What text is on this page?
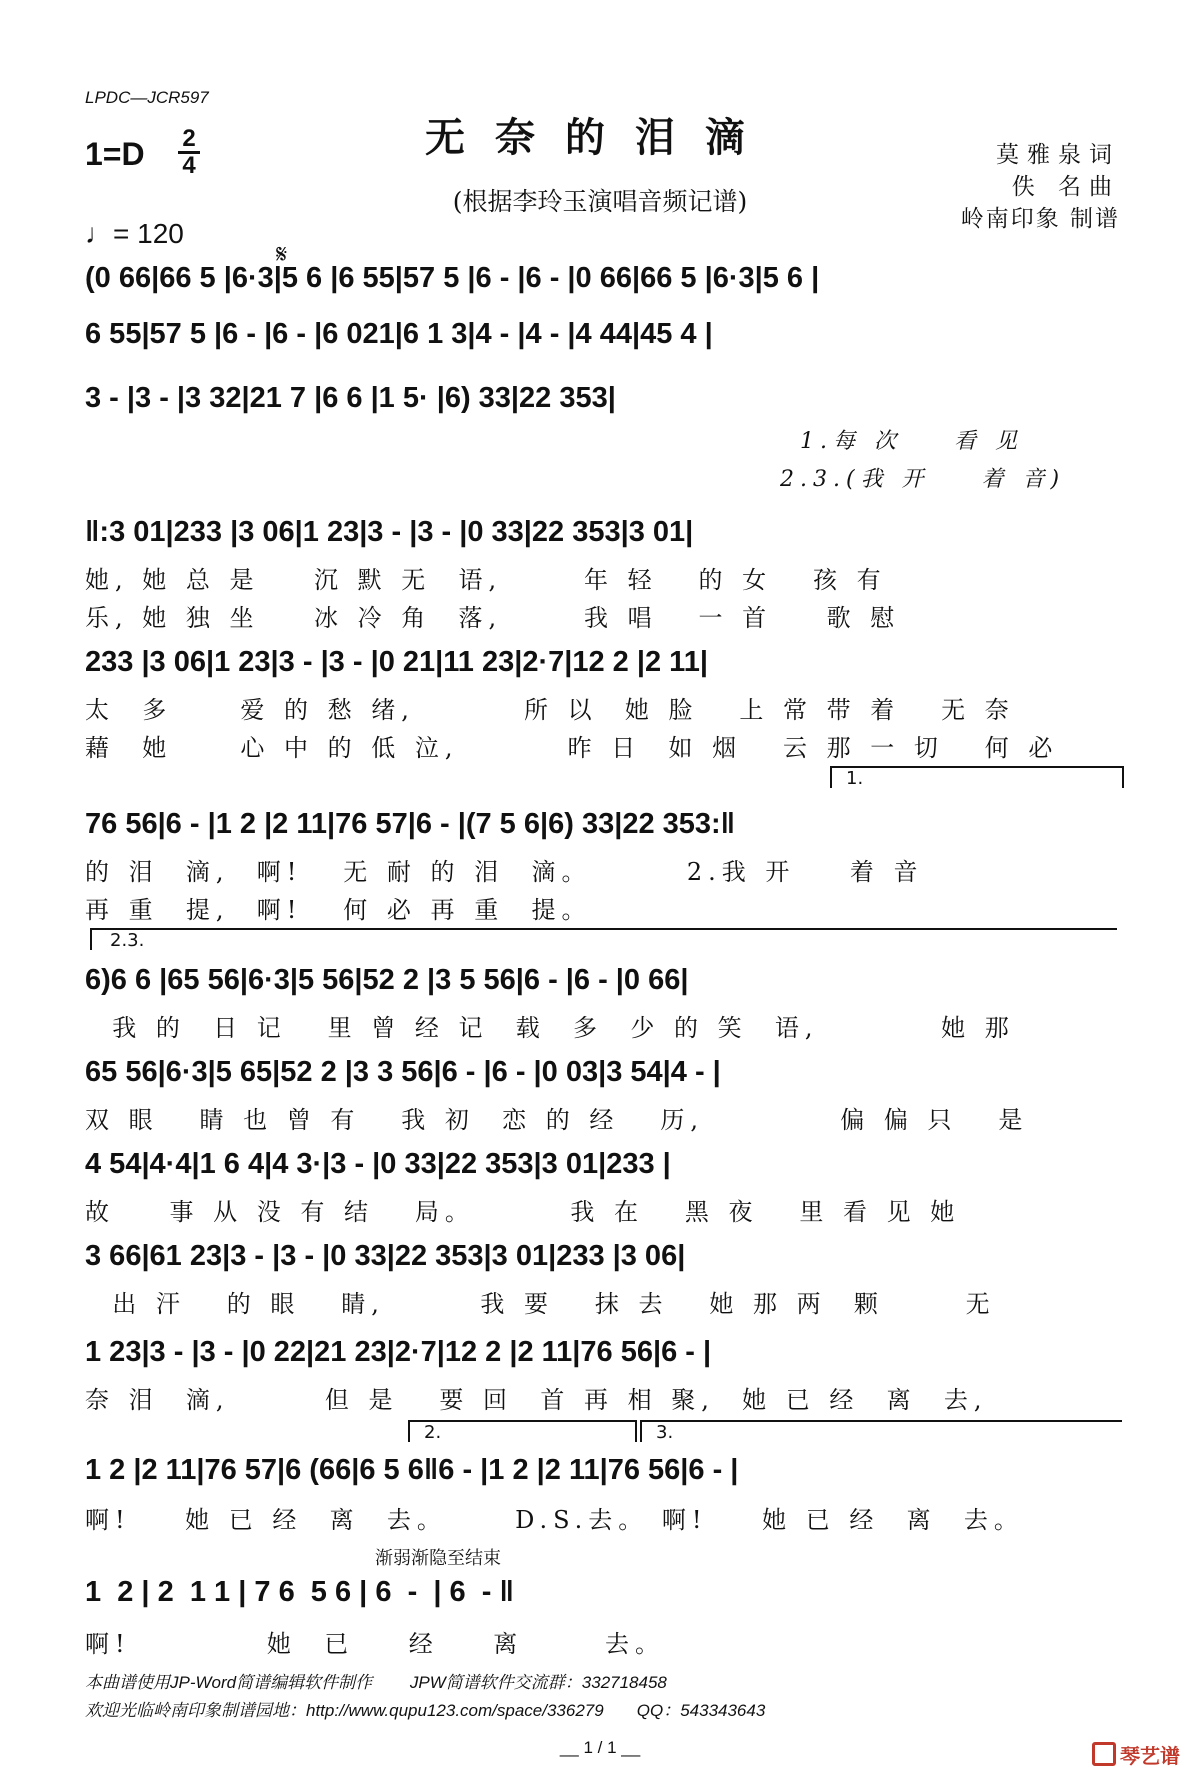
LPDC—JCR597
无奈的泪滴
(根据李玲玉演唱音频记谱)
莫雅泉词
佚 名曲
岭南印象 制谱
1=D 2
4
♩= 120
𝄋
(0 66|66 5 |6·3|5 6 |6 55|57 5 |6 - |6 - |0 66|66 5 |6·3|5 6 |
6 55|57 5 |6 - |6 - |6 021|6 1 3|4 - |4 - |4 44|45 4 |
3 - |3 - |3 32|21 7 |6 6 |1 5· |6) 33|22 353|
1.每 次    看 见
2.3.(我 开    着 音)
‖:3 01|233 |3 06|1 23|3 - |3 - |0 33|22 353|3 01|
她, 她 总 是    沉 默 无  语,      年 轻   的 女   孩 有
乐, 她 独 坐    冰 冷 角  落,      我 唱   一 首    歌 慰
233 |3 06|1 23|3 - |3 - |0 21|11 23|2·7|12 2 |2 11|
太  多     爱 的 愁 绪,        所 以  她 脸   上 常 带 着   无 奈
藉  她     心 中 的 低 泣,        昨 日  如 烟   云 那 一 切   何 必
1.
76 56|6 - |1 2 |2 11|76 57|6 - |(7 5 6|6) 33|22 353:‖
的 泪  滴,  啊!   无 耐 的 泪  滴。       2.我 开    着 音
再 重  提,  啊!   何 必 再 重  提。
2.3.
6)6 6 |65 56|6·3|5 56|52 2 |3 5 56|6 - |6 - |0 66|
我 的  日 记   里 曾 经 记  载  多  少 的 笑  语,         她 那
65 56|6·3|5 65|52 2 |3 3 56|6 - |6 - |0 03|3 54|4 - |
双 眼   睛 也 曾 有   我 初  恋 的 经   历,          偏 偏 只   是
4 54|4·4|1 6 4|4 3·|3 - |0 33|22 353|3 01|233 |
故    事 从 没 有 结   局。       我 在   黑 夜   里 看 见 她
3 66|61 23|3 - |3 - |0 33|22 353|3 01|233 |3 06|
出 汗   的 眼   睛,       我 要   抹 去   她 那 两  颗      无
1 23|3 - |3 - |0 22|21 23|2·7|12 2 |2 11|76 56|6 - |
奈 泪  滴,       但 是   要 回  首 再 相 聚,  她 已 经  离  去,
2.	3.
1 2 |2 11|76 57|6 (66|6 5 6‖6 - |1 2 |2 11|76 56|6 - |
啊!    她 已 经  离  去。     D.S.去。 啊!    她 已 经  离  去。
渐弱渐隐至结束
1  2 | 2  1 1 | 7 6  5 6 | 6  -  | 6  - ‖
啊!          她  已    经    离      去。
本曲谱使用JP-Word简谱编辑软件制作        JPW简谱软件交流群：332718458
欢迎光临岭南印象制谱园地：http://www.qupu123.com/space/336279       QQ：543343643
__ 1 / 1 __	琴艺谱
